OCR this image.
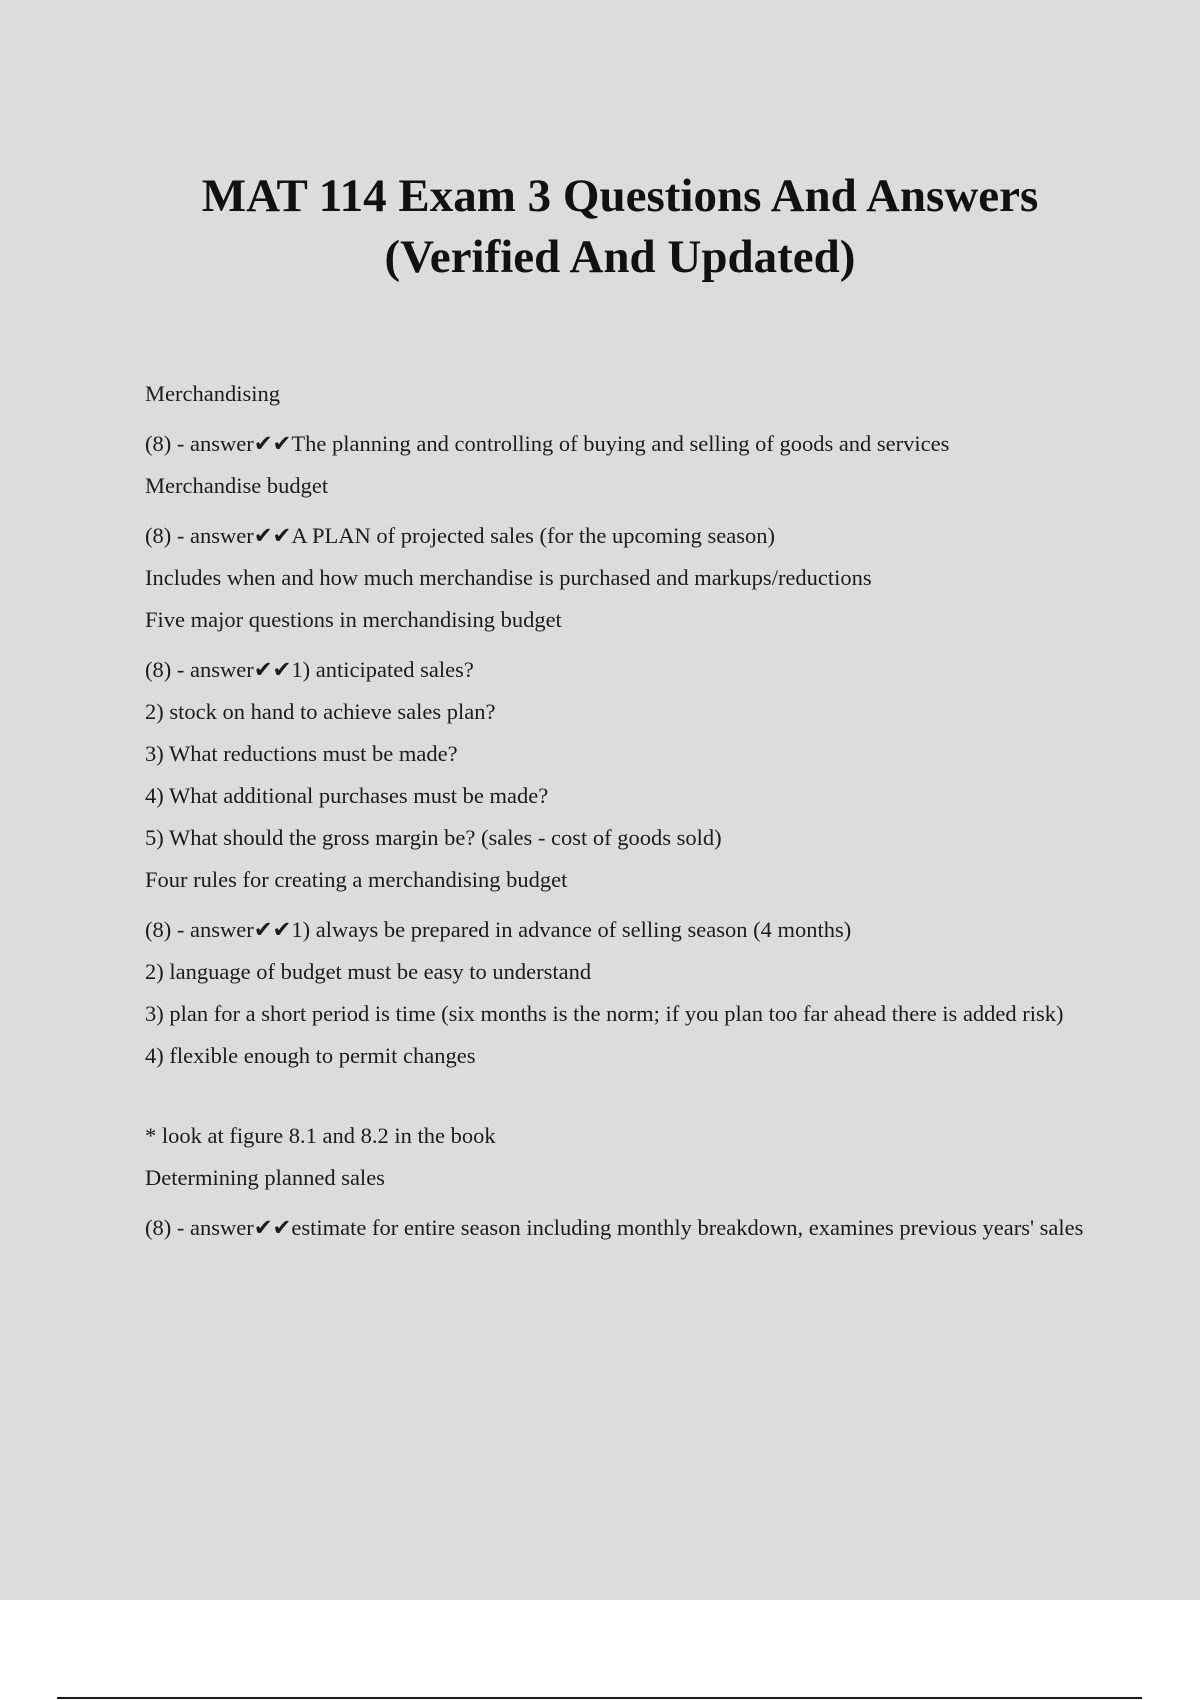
MAT 114 Exam 3 Questions And Answers
(Verified And Updated)

Merchandising

(8) - answer✔✔The planning and controlling of buying and selling of goods and services

Merchandise budget

(8) - answer✔✔A PLAN of projected sales (for the upcoming season)

Includes when and how much merchandise is purchased and markups/reductions

Five major questions in merchandising budget

(8) - answer✔✔1) anticipated sales?

2) stock on hand to achieve sales plan?

3) What reductions must be made?

4) What additional purchases must be made?

5) What should the gross margin be? (sales - cost of goods sold)

Four rules for creating a merchandising budget

(8) - answer✔✔1) always be prepared in advance of selling season (4 months)

2) language of budget must be easy to understand

3) plan for a short period is time (six months is the norm; if you plan too far ahead there is added risk)

4) flexible enough to permit changes

* look at figure 8.1 and 8.2 in the book

Determining planned sales

(8) - answer✔✔estimate for entire season including monthly breakdown, examines previous years' sales
